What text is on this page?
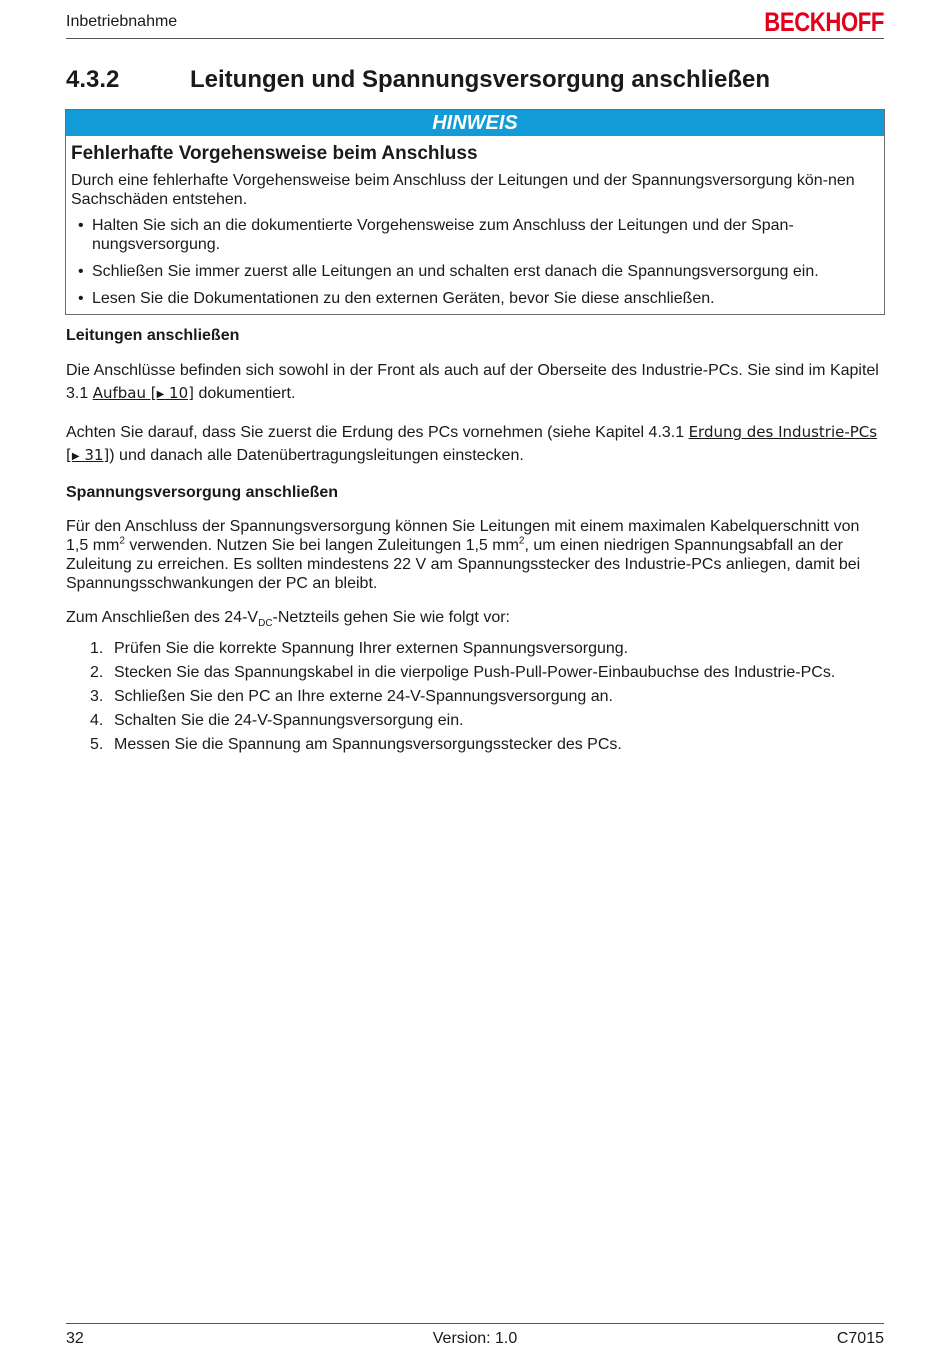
Inbetriebnahme	BECKHOFF
4.3.2	Leitungen und Spannungsversorgung anschließen
HINWEIS
Fehlerhafte Vorgehensweise beim Anschluss

Durch eine fehlerhafte Vorgehensweise beim Anschluss der Leitungen und der Spannungsversorgung kön-nen Sachschäden entstehen.

• Halten Sie sich an die dokumentierte Vorgehensweise zum Anschluss der Leitungen und der Span-nungsversorgung.
• Schließen Sie immer zuerst alle Leitungen an und schalten erst danach die Spannungsversorgung ein.
• Lesen Sie die Dokumentationen zu den externen Geräten, bevor Sie diese anschließen.
Leitungen anschließen

Die Anschlüsse befinden sich sowohl in der Front als auch auf der Oberseite des Industrie-PCs. Sie sind im Kapitel 3.1 Aufbau [▶ 10] dokumentiert.

Achten Sie darauf, dass Sie zuerst die Erdung des PCs vornehmen (siehe Kapitel 4.3.1 Erdung des Industrie-PCs [▶ 31]) und danach alle Datenübertragungsleitungen einstecken.

Spannungsversorgung anschließen

Für den Anschluss der Spannungsversorgung können Sie Leitungen mit einem maximalen Kabelquerschnitt von 1,5 $mm^2$ verwenden. Nutzen Sie bei langen Zuleitungen 1,5 $mm^2$, um einen niedrigen Spannungsabfall an der Zuleitung zu erreichen. Es sollten mindestens 22 V am Spannungsstecker des Industrie-PCs anliegen, damit bei Spannungsschwankungen der PC an bleibt.

Zum Anschließen des $24-V_{DC}$-Netzteils gehen Sie wie folgt vor:

1. Prüfen Sie die korrekte Spannung Ihrer externen Spannungsversorgung.
2. Stecken Sie das Spannungskabel in die vierpolige Push-Pull-Power-Einbaubuchse des Industrie-PCs.
3. Schließen Sie den PC an Ihre externe 24-V-Spannungsversorgung an.
4. Schalten Sie die 24-V-Spannungsversorgung ein.
5. Messen Sie die Spannung am Spannungsversorgungsstecker des PCs.
32	Version: 1.0	C7015
